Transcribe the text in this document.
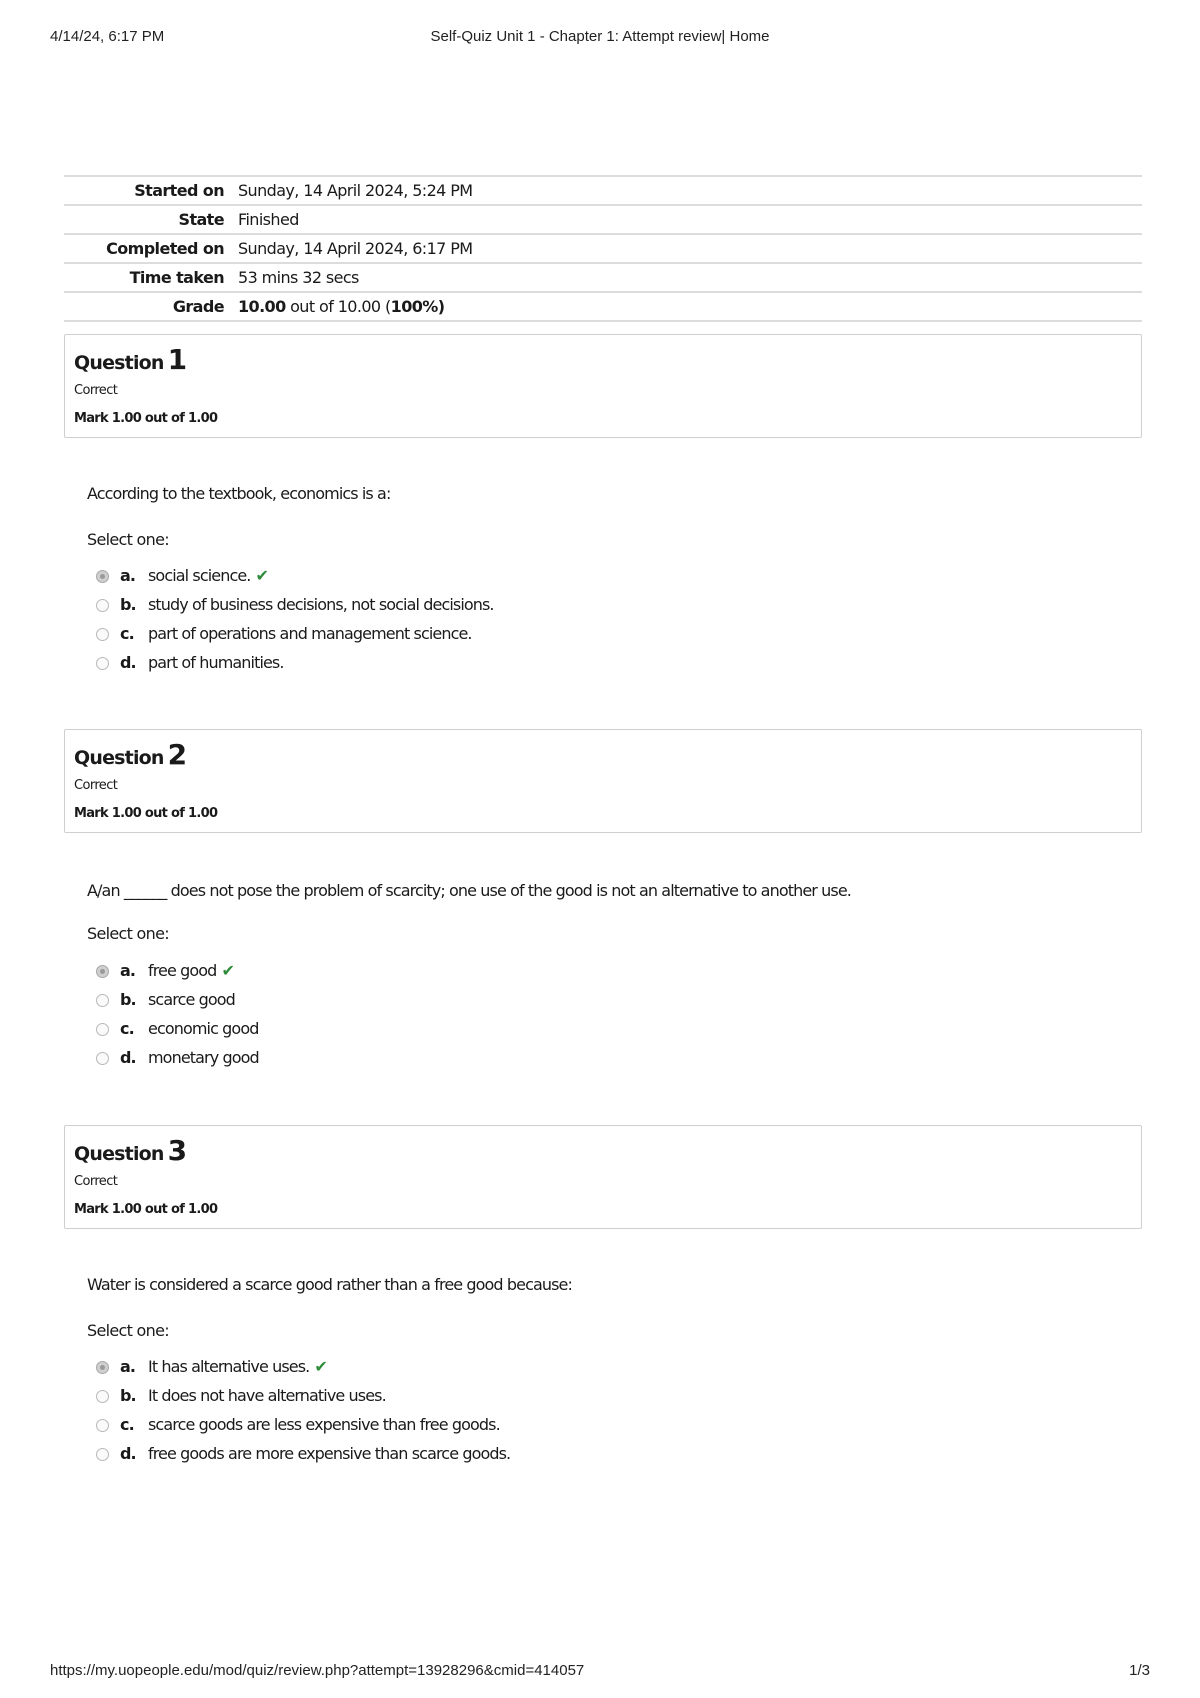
4/14/24, 6:17 PM	Self-Quiz Unit 1 - Chapter 1: Attempt review| Home
Started on	Sunday, 14 April 2024, 5:24 PM
State	Finished
Completed on	Sunday, 14 April 2024, 6:17 PM
Time taken	53 mins 32 secs
Grade	10.00 out of 10.00 (100%)
Question 1
Correct
Mark 1.00 out of 1.00
According to the textbook, economics is a:
Select one:
a. social science. ✔
b. study of business decisions, not social decisions.
c. part of operations and management science.
d. part of humanities.
Question 2
Correct
Mark 1.00 out of 1.00
A/an ______ does not pose the problem of scarcity; one use of the good is not an alternative to another use.
Select one:
a. free good ✔
b. scarce good
c. economic good
d. monetary good
Question 3
Correct
Mark 1.00 out of 1.00
Water is considered a scarce good rather than a free good because:
Select one:
a. It has alternative uses. ✔
b. It does not have alternative uses.
c. scarce goods are less expensive than free goods.
d. free goods are more expensive than scarce goods.
https://my.uopeople.edu/mod/quiz/review.php?attempt=13928296&cmid=414057	1/3
